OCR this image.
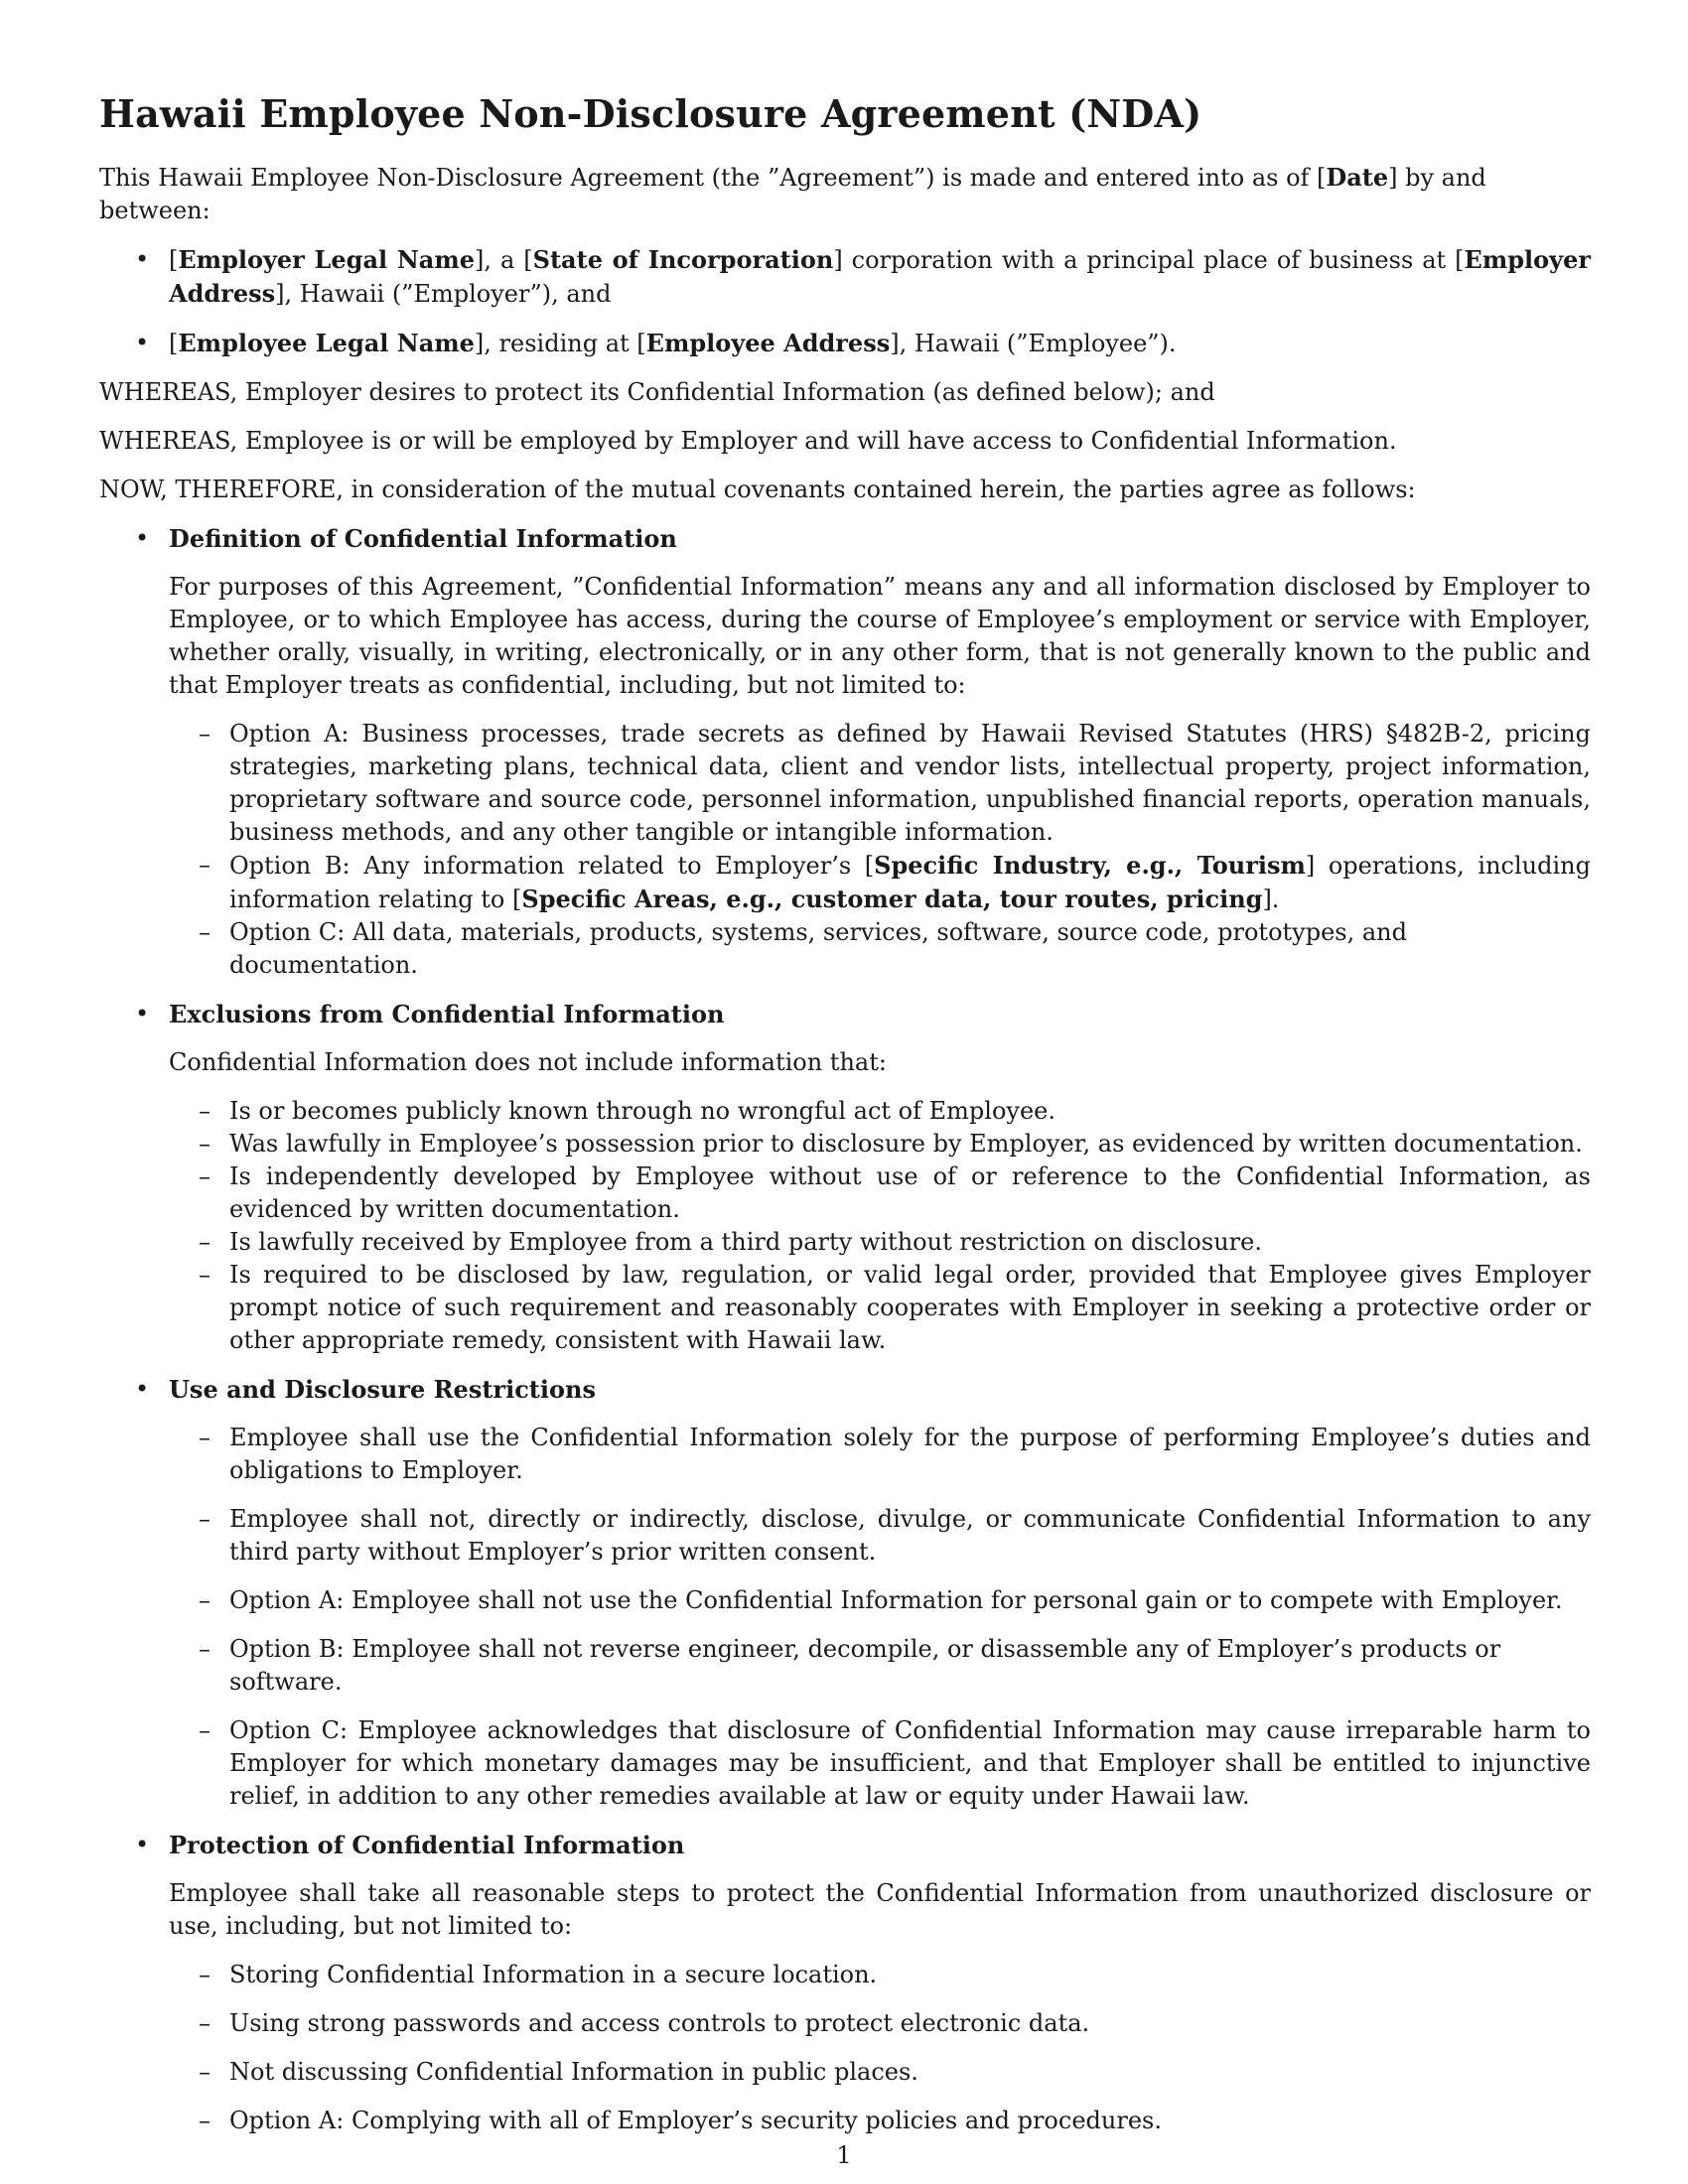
Hawaii Employee Non-Disclosure Agreement (NDA)

This Hawaii Employee Non-Disclosure Agreement (the ”Agreement”) is made and entered into as of [Date] by and between:

• [Employer Legal Name], a [State of Incorporation] corporation with a principal place of business at [Employer Address], Hawaii (”Employer”), and
• [Employee Legal Name], residing at [Employee Address], Hawaii (”Employee”).

WHEREAS, Employer desires to protect its Confidential Information (as defined below); and

WHEREAS, Employee is or will be employed by Employer and will have access to Confidential Information.

NOW, THEREFORE, in consideration of the mutual covenants contained herein, the parties agree as follows:

• Definition of Confidential Information

For purposes of this Agreement, ”Confidential Information” means any and all information disclosed by Employer to Employee, or to which Employee has access, during the course of Employee’s employment or service with Employer, whether orally, visually, in writing, electronically, or in any other form, that is not generally known to the public and that Employer treats as confidential, including, but not limited to:

– Option A: Business processes, trade secrets as defined by Hawaii Revised Statutes (HRS) §482B-2, pricing strategies, marketing plans, technical data, client and vendor lists, intellectual property, project information, proprietary software and source code, personnel information, unpublished financial reports, operation manuals, business methods, and any other tangible or intangible information.
– Option B: Any information related to Employer’s [Specific Industry, e.g., Tourism] operations, including information relating to [Specific Areas, e.g., customer data, tour routes, pricing].
– Option C: All data, materials, products, systems, services, software, source code, prototypes, and documentation.
• Exclusions from Confidential Information

Confidential Information does not include information that:

– Is or becomes publicly known through no wrongful act of Employee.
– Was lawfully in Employee’s possession prior to disclosure by Employer, as evidenced by written documentation.
– Is independently developed by Employee without use of or reference to the Confidential Information, as evidenced by written documentation.
– Is lawfully received by Employee from a third party without restriction on disclosure.
– Is required to be disclosed by law, regulation, or valid legal order, provided that Employee gives Employer prompt notice of such requirement and reasonably cooperates with Employer in seeking a protective order or other appropriate remedy, consistent with Hawaii law.
• Use and Disclosure Restrictions
– Employee shall use the Confidential Information solely for the purpose of performing Employee’s duties and obligations to Employer.
– Employee shall not, directly or indirectly, disclose, divulge, or communicate Confidential Information to any third party without Employer’s prior written consent.
– Option A: Employee shall not use the Confidential Information for personal gain or to compete with Employer.
– Option B: Employee shall not reverse engineer, decompile, or disassemble any of Employer’s products or software.
– Option C: Employee acknowledges that disclosure of Confidential Information may cause irreparable harm to Employer for which monetary damages may be insufficient, and that Employer shall be entitled to injunctive relief, in addition to any other remedies available at law or equity under Hawaii law.
• Protection of Confidential Information

Employee shall take all reasonable steps to protect the Confidential Information from unauthorized disclosure or use, including, but not limited to:

– Storing Confidential Information in a secure location.
– Using strong passwords and access controls to protect electronic data.
– Not discussing Confidential Information in public places.
– Option A: Complying with all of Employer’s security policies and procedures.
1
